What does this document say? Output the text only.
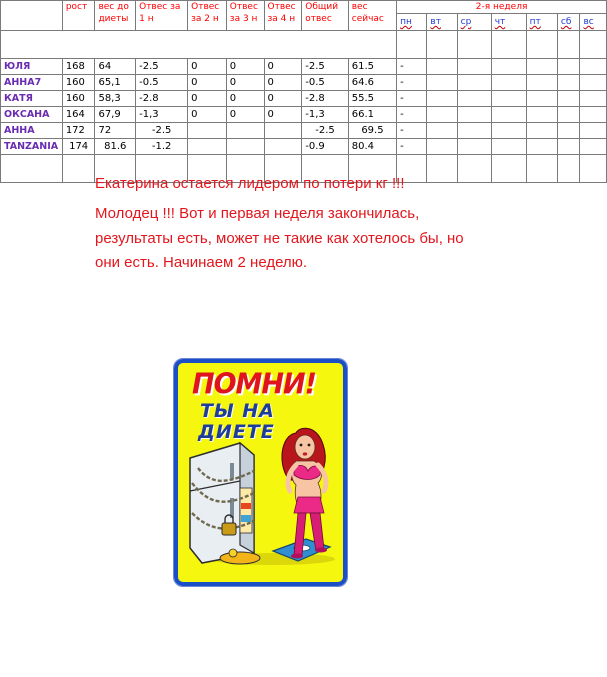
	рост	вес до диеты	Отвес за 1 н	Отвес за 2 н	Отвес за 3 н	Отвес за 4 н	Общий отвес	вес сейчас	2-я неделя						
									пн	вт	ср	чт	пт	сб	вс

ЮЛЯ	168	64	-2.5	0	0	0	-2.5	61.5	-						
АННА7	160	65,1	-0.5	0	0	0	-0.5	64.6	-						
КАТЯ	160	58,3	-2.8	0	0	0	-2.8	55.5	-						
ОКСАНА	164	67,9	-1,3	0	0	0	-1,3	66.1	-						
АННА	172	72	-2.5				-2.5	69.5	-						
TANZANIA	174	81.6	-1.2				-0.9	80.4	-						

Екатерина остается лидером по потери кг !!!
Молодец !!! Вот и первая неделя закончилась, результаты есть, может не такие как хотелось бы, но они есть. Начинаем 2 неделю.
ПОМНИ!
ТЫ НА
ДИЕТЕ
